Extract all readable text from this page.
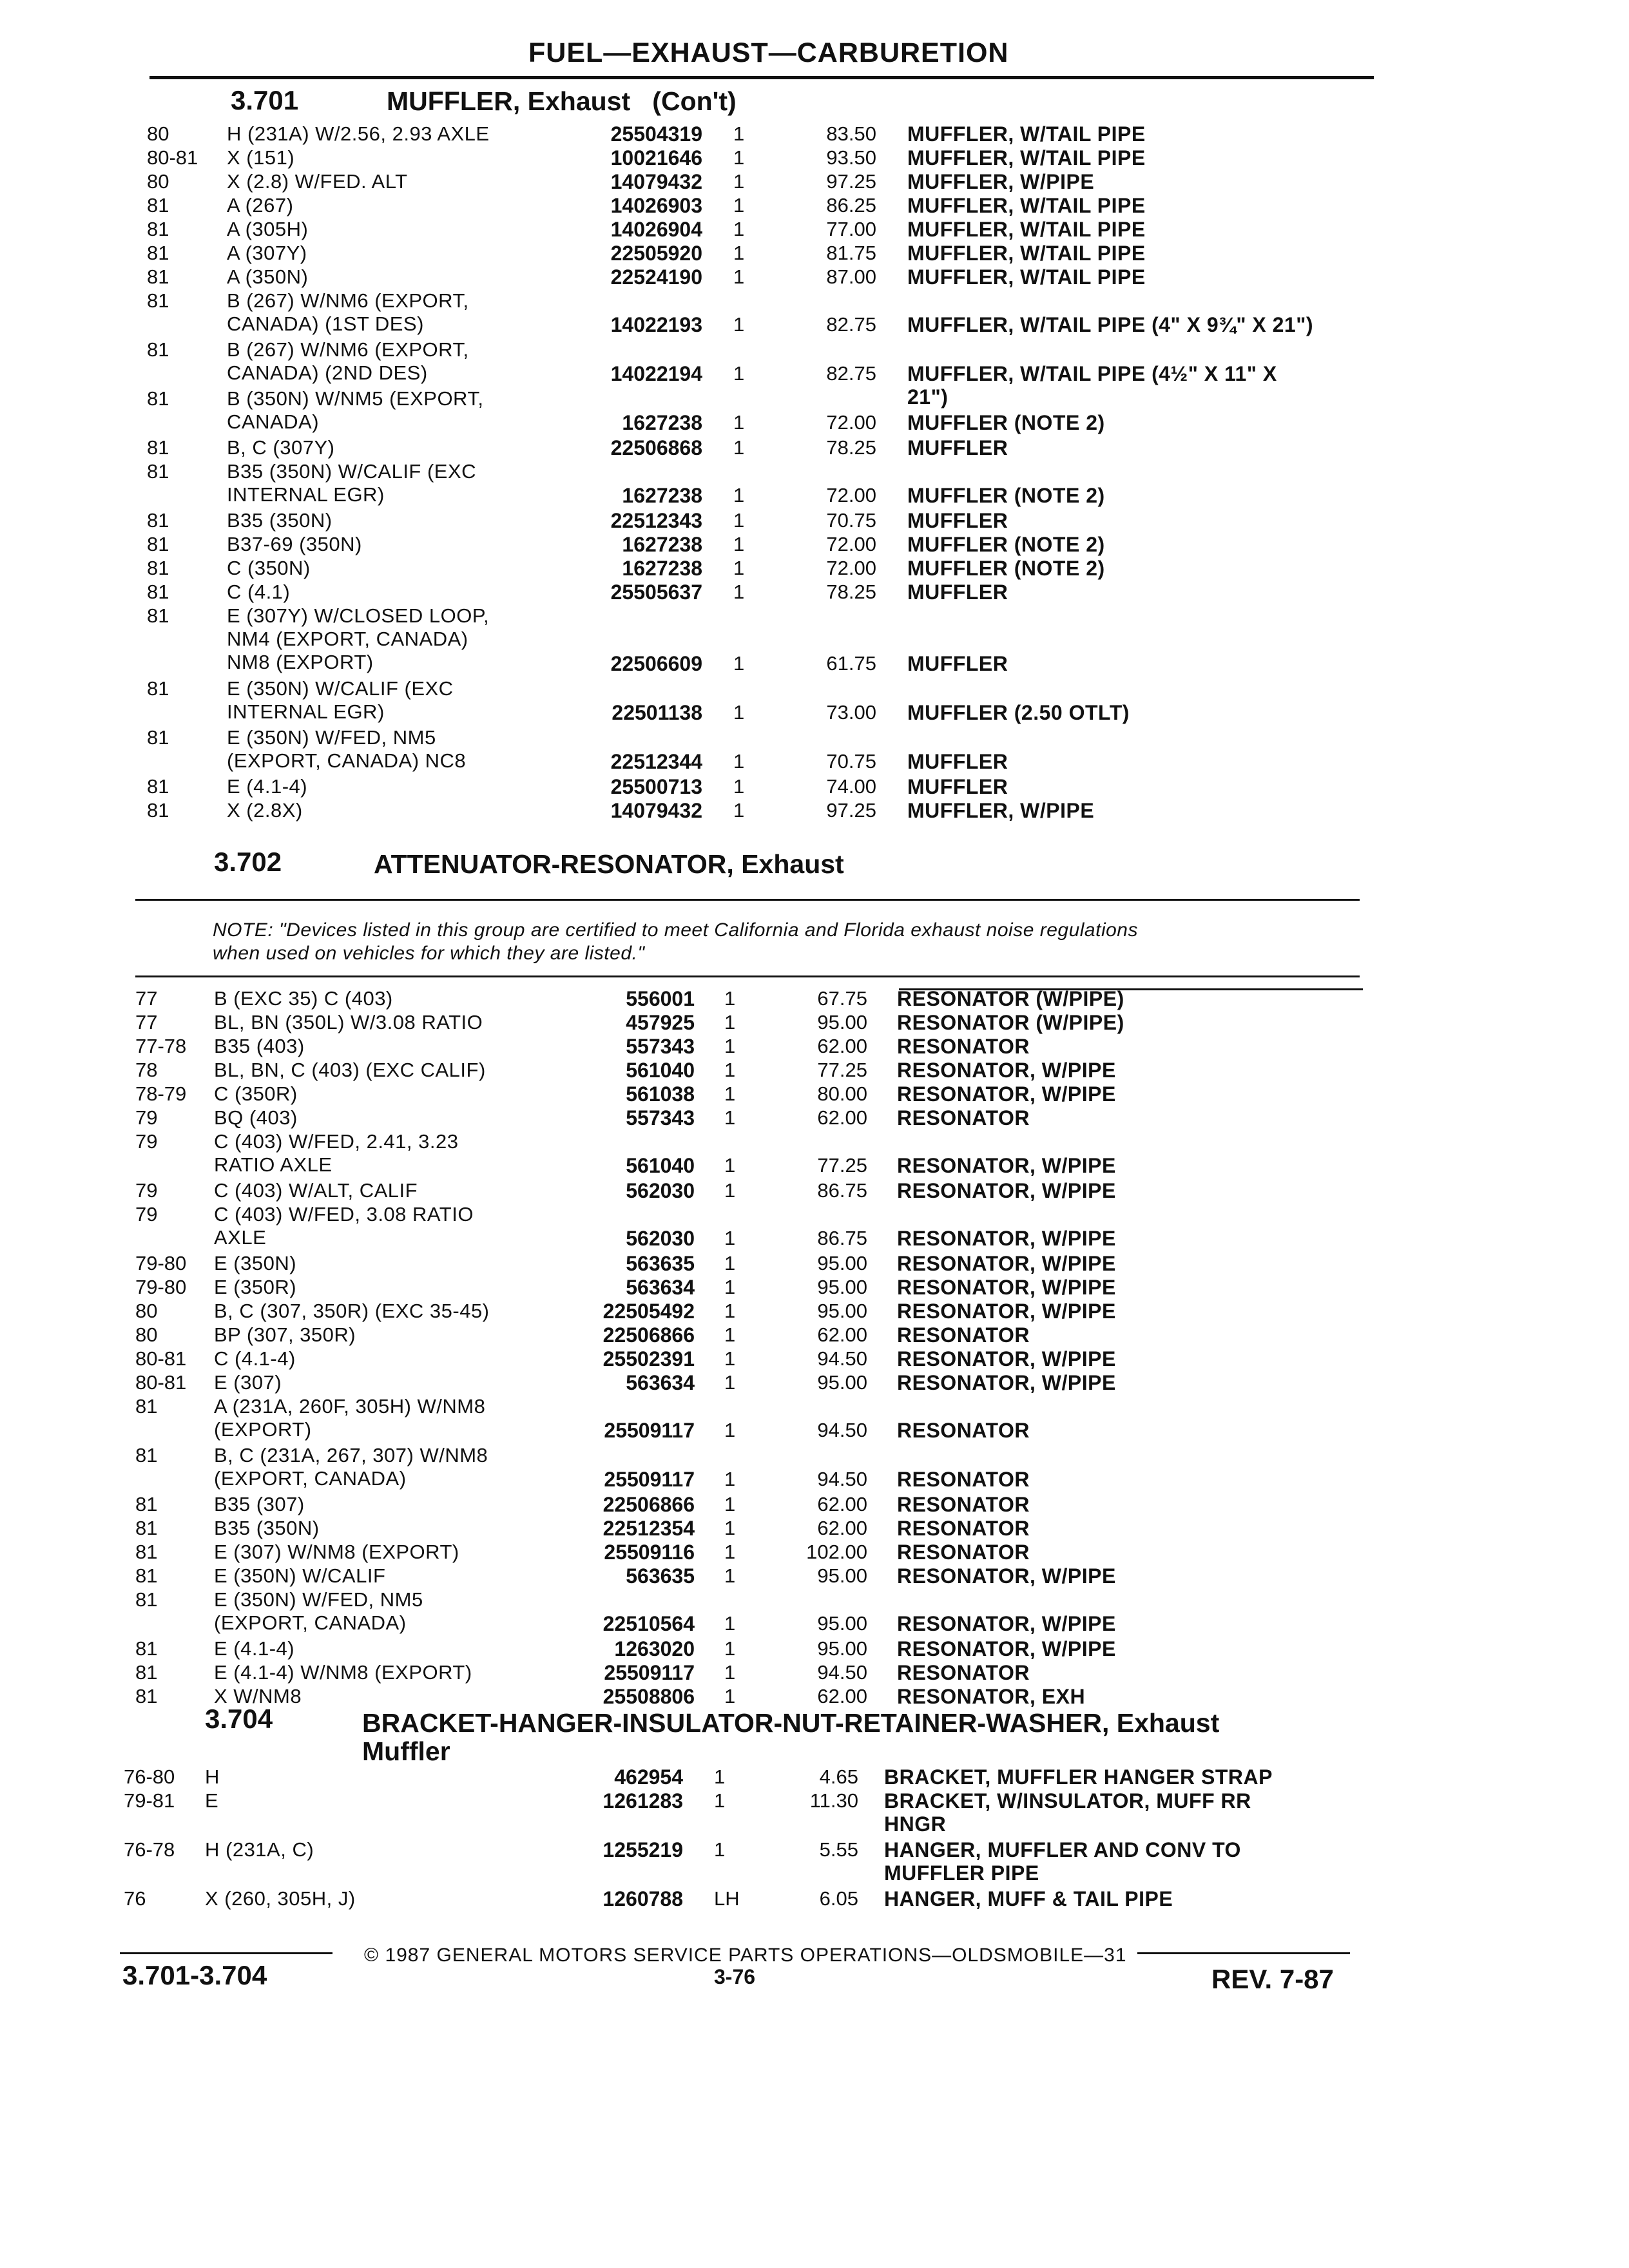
FUEL—EXHAUST—CARBURETION
3.701	MUFFLER, Exhaust   (Con't)
80	H (231A) W/2.56, 2.93 AXLE	25504319 1	83.50 MUFFLER, W/TAIL PIPE
80-81	X (151)	10021646 1	93.50 MUFFLER, W/TAIL PIPE
80	X (2.8) W/FED. ALT	14079432 1	97.25 MUFFLER, W/PIPE
81	A (267)	14026903 1	86.25 MUFFLER, W/TAIL PIPE
81	A (305H)	14026904 1	77.00 MUFFLER, W/TAIL PIPE
81	A (307Y)	22505920 1	81.75 MUFFLER, W/TAIL PIPE
81	A (350N)	22524190 1	87.00 MUFFLER, W/TAIL PIPE
81	B (267) W/NM6 (EXPORT,
CANADA) (1ST DES)	14022193 1	82.75 MUFFLER, W/TAIL PIPE (4" X 9¾" X 21")
81	B (267) W/NM6 (EXPORT,
CANADA) (2ND DES)	14022194 1	82.75 MUFFLER, W/TAIL PIPE (4½" X 11" X
21")
81	B (350N) W/NM5 (EXPORT,
CANADA)	1627238 1	72.00 MUFFLER (NOTE 2)
81	B, C (307Y)	22506868 1	78.25 MUFFLER
81	B35 (350N) W/CALIF (EXC
INTERNAL EGR)	1627238 1	72.00 MUFFLER (NOTE 2)
81	B35 (350N)	22512343 1	70.75 MUFFLER
81	B37-69 (350N)	1627238 1	72.00 MUFFLER (NOTE 2)
81	C (350N)	1627238 1	72.00 MUFFLER (NOTE 2)
81	C (4.1)	25505637 1	78.25 MUFFLER
81	E (307Y) W/CLOSED LOOP,
NM4 (EXPORT, CANADA)
NM8 (EXPORT)	22506609 1	61.75 MUFFLER
81	E (350N) W/CALIF (EXC
INTERNAL EGR)	22501138 1	73.00 MUFFLER (2.50 OTLT)
81	E (350N) W/FED, NM5
(EXPORT, CANADA) NC8	22512344 1	70.75 MUFFLER
81	E (4.1-4)	25500713 1	74.00 MUFFLER
81	X (2.8X)	14079432 1	97.25 MUFFLER, W/PIPE
3.702	ATTENUATOR-RESONATOR, Exhaust
NOTE: "Devices listed in this group are certified to meet California and Florida exhaust noise regulations
when used on vehicles for which they are listed."
77	B (EXC 35) C (403)	556001 1	67.75 RESONATOR (W/PIPE)
77	BL, BN (350L) W/3.08 RATIO	457925 1	95.00 RESONATOR (W/PIPE)
77-78	B35 (403)	557343 1	62.00 RESONATOR
78	BL, BN, C (403) (EXC CALIF)	561040 1	77.25 RESONATOR, W/PIPE
78-79	C (350R)	561038 1	80.00 RESONATOR, W/PIPE
79	BQ (403)	557343 1	62.00 RESONATOR
79	C (403) W/FED, 2.41, 3.23
RATIO AXLE	561040 1	77.25 RESONATOR, W/PIPE
79	C (403) W/ALT, CALIF	562030 1	86.75 RESONATOR, W/PIPE
79	C (403) W/FED, 3.08 RATIO
AXLE	562030 1	86.75 RESONATOR, W/PIPE
79-80	E (350N)	563635 1	95.00 RESONATOR, W/PIPE
79-80	E (350R)	563634 1	95.00 RESONATOR, W/PIPE
80	B, C (307, 350R) (EXC 35-45)	22505492 1	95.00 RESONATOR, W/PIPE
80	BP (307, 350R)	22506866 1	62.00 RESONATOR
80-81	C (4.1-4)	25502391 1	94.50 RESONATOR, W/PIPE
80-81	E (307)	563634 1	95.00 RESONATOR, W/PIPE
81	A (231A, 260F, 305H) W/NM8
(EXPORT)	25509117 1	94.50 RESONATOR
81	B, C (231A, 267, 307) W/NM8
(EXPORT, CANADA)	25509117 1	94.50 RESONATOR
81	B35 (307)	22506866 1	62.00 RESONATOR
81	B35 (350N)	22512354 1	62.00 RESONATOR
81	E (307) W/NM8 (EXPORT)	25509116 1	102.00 RESONATOR
81	E (350N) W/CALIF	563635 1	95.00 RESONATOR, W/PIPE
81	E (350N) W/FED, NM5
(EXPORT, CANADA)	22510564 1	95.00 RESONATOR, W/PIPE
81	E (4.1-4)	1263020 1	95.00 RESONATOR, W/PIPE
81	E (4.1-4) W/NM8 (EXPORT)	25509117 1	94.50 RESONATOR
81	X W/NM8	25508806 1	62.00 RESONATOR, EXH
3.704	BRACKET-HANGER-INSULATOR-NUT-RETAINER-WASHER, Exhaust
Muffler
76-80	H	462954 1	4.65 BRACKET, MUFFLER HANGER STRAP
79-81	E	1261283 1	11.30 BRACKET, W/INSULATOR, MUFF RR
HNGR
76-78	H (231A, C)	1255219 1	5.55 HANGER, MUFFLER AND CONV TO
MUFFLER PIPE
76	X (260, 305H, J)	1260788 LH	6.05 HANGER, MUFF & TAIL PIPE
© 1987 GENERAL MOTORS SERVICE PARTS OPERATIONS—OLDSMOBILE—31
3.701-3.704	3-76	REV. 7-87
